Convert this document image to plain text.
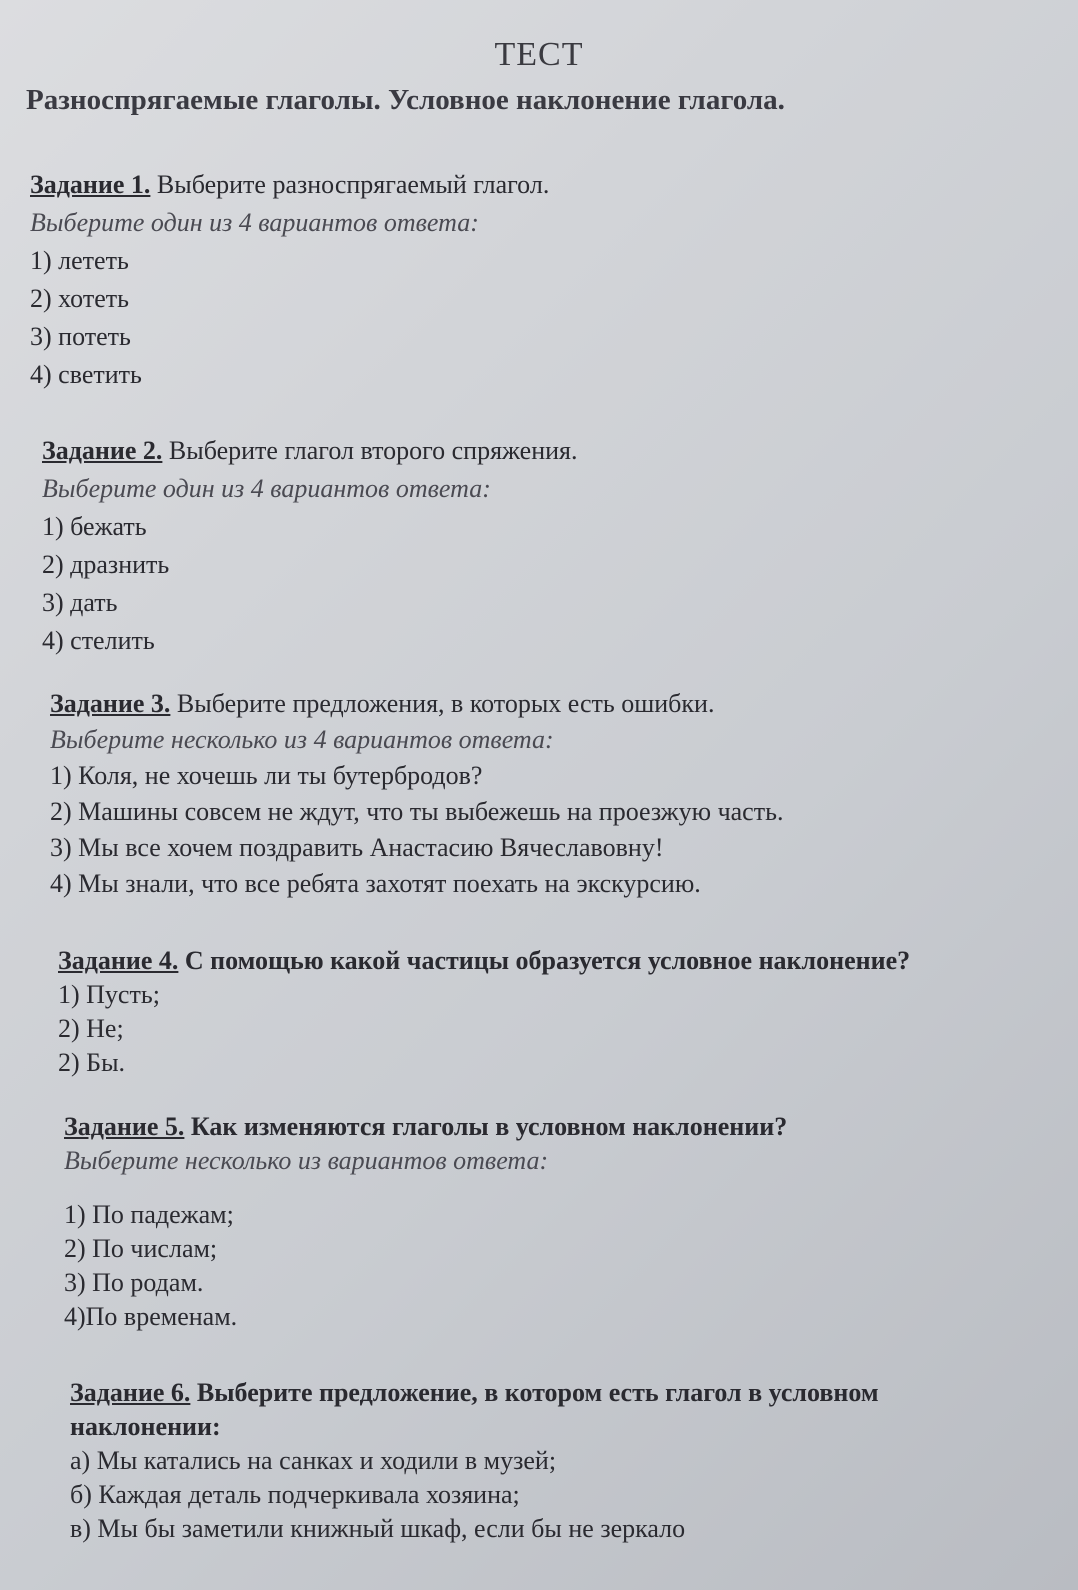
ТЕСТ
Разноспрягаемые глаголы. Условное наклонение глагола.
Задание 1. Выберите разноспрягаемый глагол.
Выберите один из 4 вариантов ответа:
1) лететь
2) хотеть
3) потеть
4) светить
Задание 2. Выберите глагол второго спряжения.
Выберите один из 4 вариантов ответа:
1) бежать
2) дразнить
3) дать
4) стелить
Задание 3. Выберите предложения, в которых есть ошибки.
Выберите несколько из 4 вариантов ответа:
1) Коля, не хочешь ли ты бутербродов?
2) Машины совсем не ждут, что ты выбежешь на проезжую часть.
3) Мы все хочем поздравить Анастасию Вячеславовну!
4) Мы знали, что все ребята захотят поехать на экскурсию.
Задание 4. С помощью какой частицы образуется условное наклонение?
1) Пусть;
2) Не;
2) Бы.
Задание 5. Как изменяются глаголы в условном наклонении?
Выберите несколько из вариантов ответа:
1) По падежам;
2) По числам;
3) По родам.
4)По временам.
Задание 6. Выберите предложение, в котором есть глагол в условном
наклонении:
а) Мы катались на санках и ходили в музей;
б) Каждая деталь подчеркивала хозяина;
в) Мы бы заметили книжный шкаф, если бы не зеркало
